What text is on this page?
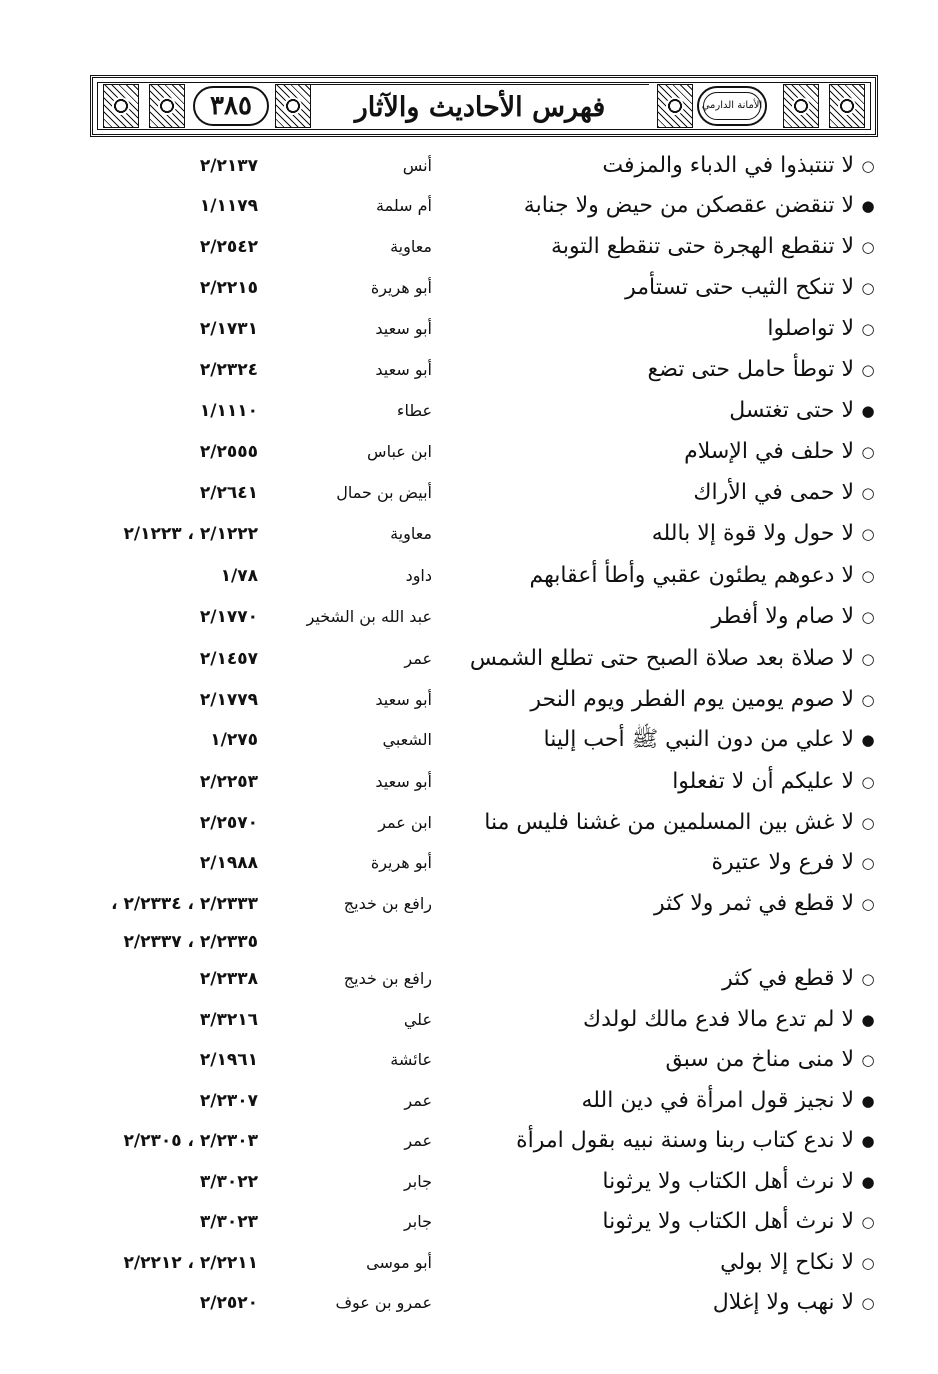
٣٨٥	فهرس الأحاديث والآثار	الأمانة الدارمي
○لا تنتبذوا في الدباء والمزفت
أنس
٢/٢١٣٧
●لا تنقضن عقصكن من حيض ولا جنابة
أم سلمة
١/١١٧٩
○لا تنقطع الهجرة حتى تنقطع التوبة
معاوية
٢/٢٥٤٢
○لا تنكح الثيب حتى تستأمر
أبو هريرة
٢/٢٢١٥
○لا تواصلوا
أبو سعيد
٢/١٧٣١
○لا توطأ حامل حتى تضع
أبو سعيد
٢/٢٣٢٤
●لا حتى تغتسل
عطاء
١/١١١٠
○لا حلف في الإسلام
ابن عباس
٢/٢٥٥٥
○لا حمى في الأراك
أبيض بن حمال
٢/٢٦٤١
○لا حول ولا قوة إلا بالله
معاوية
٢/١٢٢٢ ، ٢/١٢٢٣
○لا دعوهم يطئون عقبي وأطأ أعقابهم
داود
١/٧٨
○لا صام ولا أفطر
عبد الله بن الشخير
٢/١٧٧٠
○لا صلاة بعد صلاة الصبح حتى تطلع الشمس
عمر
٢/١٤٥٧
○لا صوم يومين يوم الفطر ويوم النحر
أبو سعيد
٢/١٧٧٩
●لا علي من دون النبي ﷺ أحب إلينا
الشعبي
١/٢٧٥
○لا عليكم أن لا تفعلوا
أبو سعيد
٢/٢٢٥٣
○لا غش بين المسلمين من غشنا فليس منا
ابن عمر
٢/٢٥٧٠
○لا فرع ولا عتيرة
أبو هريرة
٢/١٩٨٨
○لا قطع في ثمر ولا كثر
رافع بن خديج
٢/٢٣٣٣ ، ٢/٢٣٣٤ ،
٢/٢٣٣٥ ، ٢/٢٣٣٧
○لا قطع في كثر
رافع بن خديج
٢/٢٣٣٨
●لا لم تدع مالا فدع مالك لولدك
علي
٣/٣٢١٦
○لا منى مناخ من سبق
عائشة
٢/١٩٦١
●لا نجيز قول امرأة في دين الله
عمر
٢/٢٣٠٧
●لا ندع كتاب ربنا وسنة نبيه بقول امرأة
عمر
٢/٢٣٠٣ ، ٢/٢٣٠٥
●لا نرث أهل الكتاب ولا يرثونا
جابر
٣/٣٠٢٢
○لا نرث أهل الكتاب ولا يرثونا
جابر
٣/٣٠٢٣
○لا نكاح إلا بولي
أبو موسى
٢/٢٢١١ ، ٢/٢٢١٢
○لا نهب ولا إغلال
عمرو بن عوف
٢/٢٥٢٠
